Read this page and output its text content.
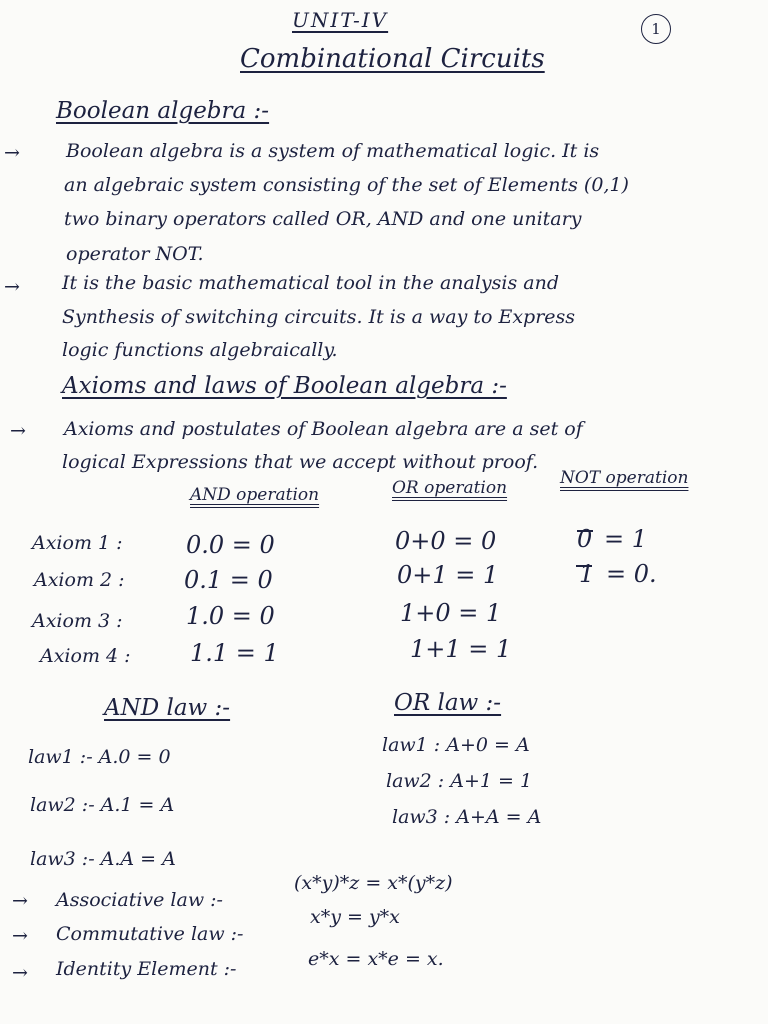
UNIT-IV	1
Combinational Circuits
Boolean algebra :-
→ Boolean algebra is a system of mathematical logic. It is
an algebraic system consisting of the set of Elements (0,1)
two binary operators called OR, AND and one unitary
operator NOT.
→ It is the basic mathematical tool in the analysis and
Synthesis of switching circuits. It is a way to Express
logic functions algebraically.
Axioms and laws of Boolean algebra :-
→ Axioms and postulates of Boolean algebra are a set of
logical Expressions that we accept without proof.
AND operation	OR operation	NOT operation
Axiom 1 :	0.0 = 0	0+0 = 0	0 = 1
Axiom 2 : 0.1 = 0	0+1 = 1	1 = 0.
Axiom 3 :	1.0 = 0	1+0 = 1
Axiom 4 : 1.1 = 1	1+1 = 1
AND law :-	OR law :-
law1 :- A.0 = 0
law2 :- A.1 = A
law3 :- A.A = A
law1 : A+0 = A
law2 : A+1 = 1
law3 : A+A = A
→ Associative law :-
(x*y)*z = x*(y*z)
→ Commutative law :-
x*y = y*x
→ Identity Element :-	e*x = x*e = x.
